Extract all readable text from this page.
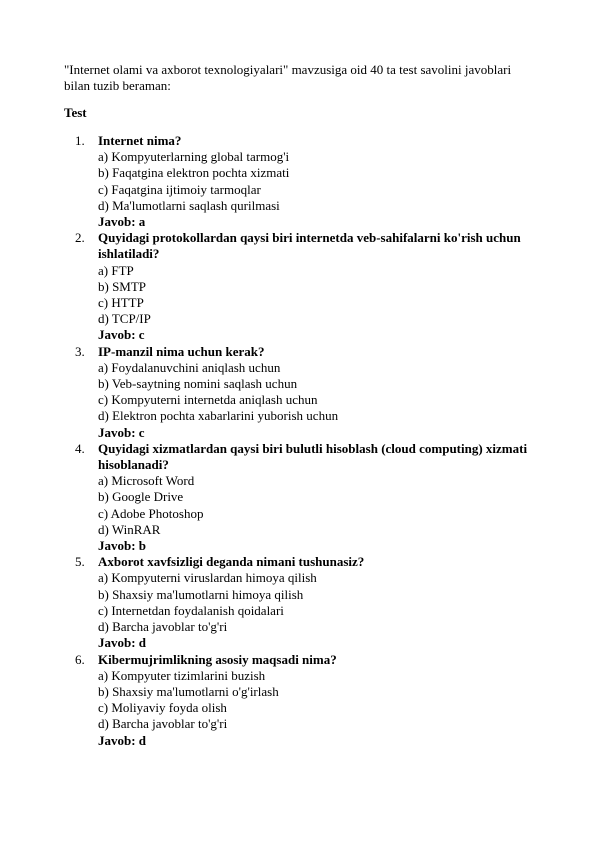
"Internet olami va axborot texnologiyalari" mavzusiga oid 40 ta test savolini javoblari bilan tuzib beraman:

Test

1. Internet nima?
a) Kompyuterlarning global tarmog'i
b) Faqatgina elektron pochta xizmati
c) Faqatgina ijtimoiy tarmoqlar
d) Ma'lumotlarni saqlash qurilmasi
Javob: a
2. Quyidagi protokollardan qaysi biri internetda veb-sahifalarni ko'rish uchun ishlatiladi?
a) FTP
b) SMTP
c) HTTP
d) TCP/IP
Javob: c
3. IP-manzil nima uchun kerak?
a) Foydalanuvchini aniqlash uchun
b) Veb-saytning nomini saqlash uchun
c) Kompyuterni internetda aniqlash uchun
d) Elektron pochta xabarlarini yuborish uchun
Javob: c
4. Quyidagi xizmatlardan qaysi biri bulutli hisoblash (cloud computing) xizmati hisoblanadi?
a) Microsoft Word
b) Google Drive
c) Adobe Photoshop
d) WinRAR
Javob: b
5. Axborot xavfsizligi deganda nimani tushunasiz?
a) Kompyuterni viruslardan himoya qilish
b) Shaxsiy ma'lumotlarni himoya qilish
c) Internetdan foydalanish qoidalari
d) Barcha javoblar to'g'ri
Javob: d
6. Kibermujrimlikning asosiy maqsadi nima?
a) Kompyuter tizimlarini buzish
b) Shaxsiy ma'lumotlarni o'g'irlash
c) Moliyaviy foyda olish
d) Barcha javoblar to'g'ri
Javob: d
